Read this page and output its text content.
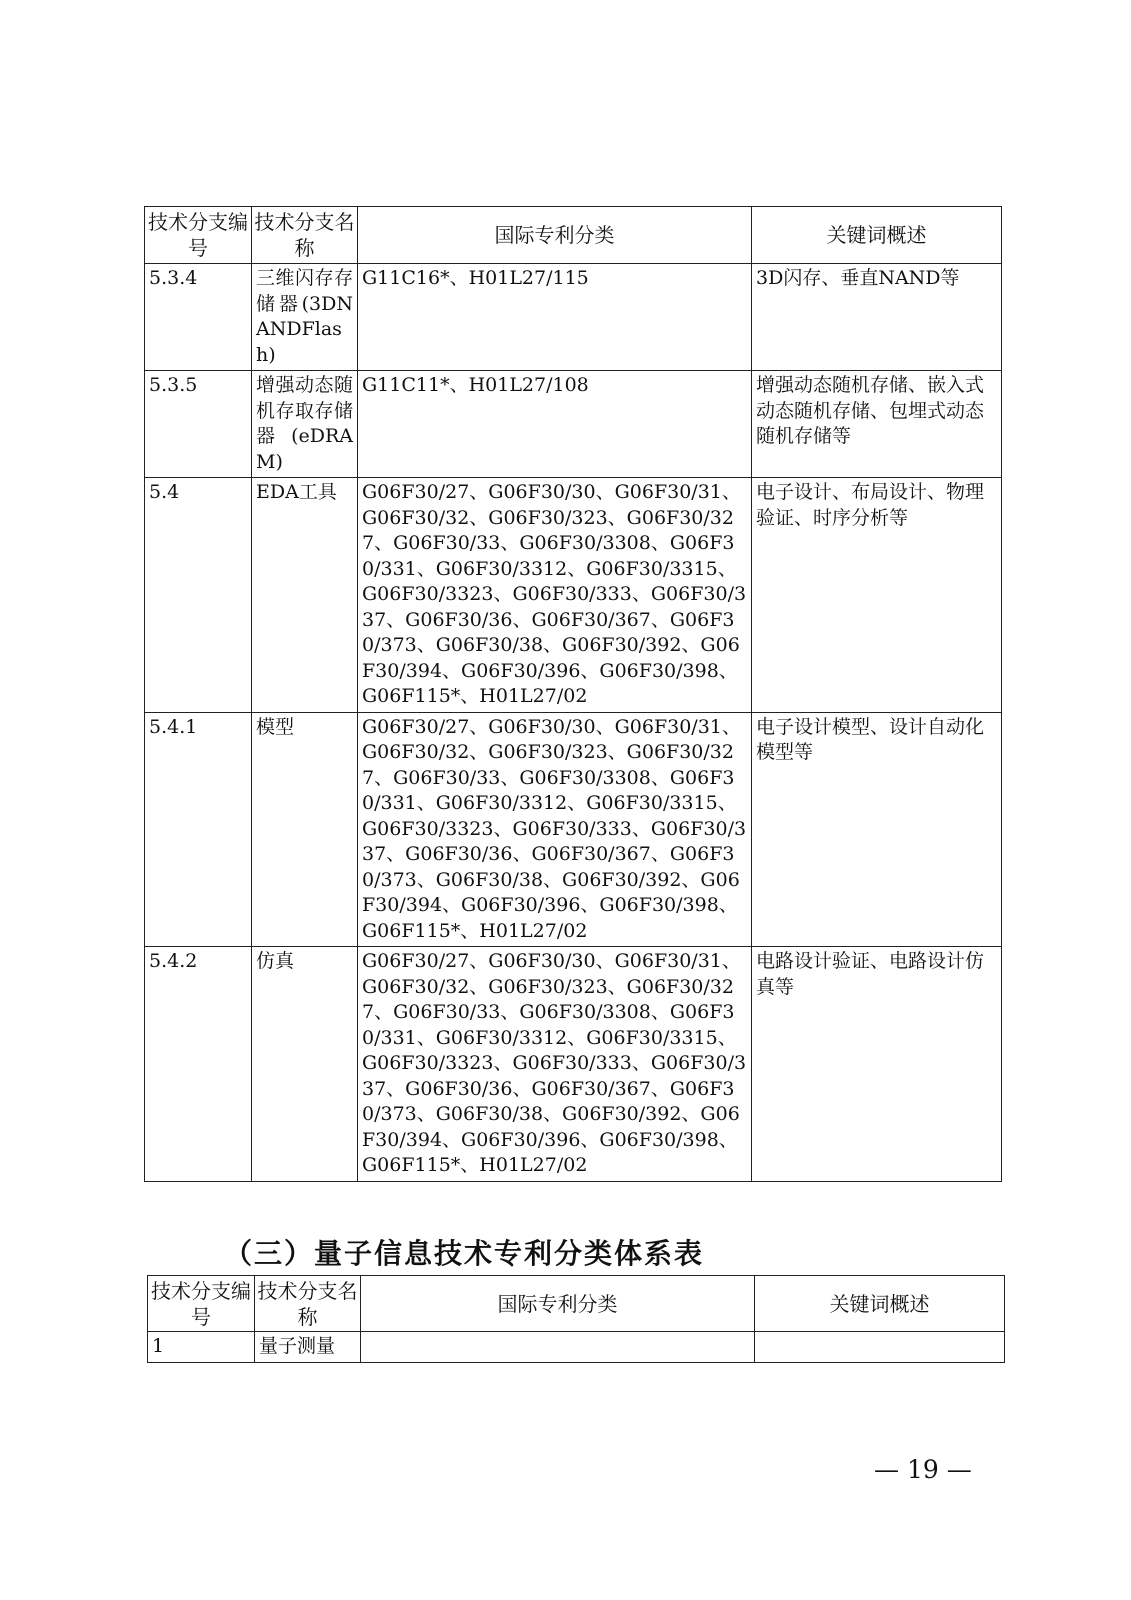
技术分支编号	技术分支名称	国际专利分类	关键词概述
5.3.4	三维闪存存储器(3DNANDFlash)	G11C16*、H01L27/115	3D闪存、垂直NAND等
5.3.5	增强动态随机存取存储器(eDRAM)	G11C11*、H01L27/108	增强动态随机存储、嵌入式动态随机存储、包埋式动态随机存储等
5.4	EDA工具	G06F30/27、G06F30/30、G06F30/31、G06F30/32、G06F30/323、G06F30/327、G06F30/33、G06F30/3308、G06F30/331、G06F30/3312、G06F30/3315、G06F30/3323、G06F30/333、G06F30/337、G06F30/36、G06F30/367、G06F30/373、G06F30/38、G06F30/392、G06F30/394、G06F30/396、G06F30/398、G06F115*、H01L27/02	电子设计、布局设计、物理验证、时序分析等
5.4.1	模型	G06F30/27、G06F30/30、G06F30/31、G06F30/32、G06F30/323、G06F30/327、G06F30/33、G06F30/3308、G06F30/331、G06F30/3312、G06F30/3315、G06F30/3323、G06F30/333、G06F30/337、G06F30/36、G06F30/367、G06F30/373、G06F30/38、G06F30/392、G06F30/394、G06F30/396、G06F30/398、G06F115*、H01L27/02	电子设计模型、设计自动化模型等
5.4.2	仿真	G06F30/27、G06F30/30、G06F30/31、G06F30/32、G06F30/323、G06F30/327、G06F30/33、G06F30/3308、G06F30/331、G06F30/3312、G06F30/3315、G06F30/3323、G06F30/333、G06F30/337、G06F30/36、G06F30/367、G06F30/373、G06F30/38、G06F30/392、G06F30/394、G06F30/396、G06F30/398、G06F115*、H01L27/02	电路设计验证、电路设计仿真等
（三）量子信息技术专利分类体系表
技术分支编号	技术分支名称	国际专利分类	关键词概述
1	量子测量		
— 19 —
